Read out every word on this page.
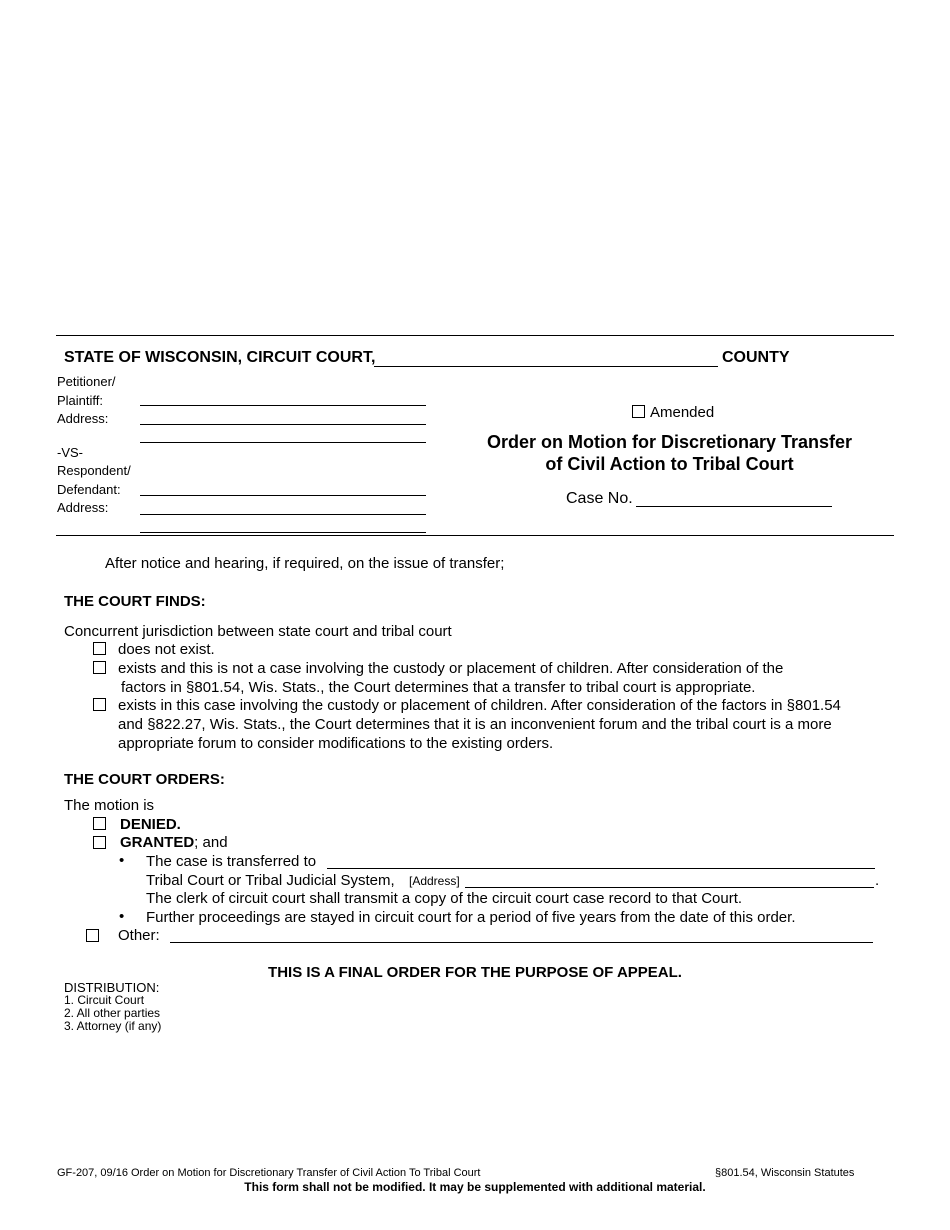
STATE OF WISCONSIN, CIRCUIT COURT,	COUNTY
Petitioner/
Plaintiff:
Address:
-VS-
Respondent/
Defendant:
Address:
Amended
Order on Motion for Discretionary Transfer
of Civil Action to Tribal Court
Case No.
After notice and hearing, if required, on the issue of transfer;
THE COURT FINDS:
Concurrent jurisdiction between state court and tribal court
does not exist.
exists and this is not a case involving the custody or placement of children. After consideration of the
factors in §801.54, Wis. Stats., the Court determines that a transfer to tribal court is appropriate.
exists in this case involving the custody or placement of children. After consideration of the factors in §801.54
and §822.27, Wis. Stats., the Court determines that it is an inconvenient forum and the tribal court is a more
appropriate forum to consider modifications to the existing orders.
THE COURT ORDERS:
The motion is
DENIED.
GRANTED; and
• The case is transferred to
Tribal Court or Tribal Judicial System, [Address]	.
The clerk of circuit court shall transmit a copy of the circuit court case record to that Court.
• Further proceedings are stayed in circuit court for a period of five years from the date of this order.
Other:
THIS IS A FINAL ORDER FOR THE PURPOSE OF APPEAL.
DISTRIBUTION:
1. Circuit Court
2. All other parties
3. Attorney (if any)
GF-207, 09/16 Order on Motion for Discretionary Transfer of Civil Action To Tribal Court	§801.54, Wisconsin Statutes
This form shall not be modified. It may be supplemented with additional material.
